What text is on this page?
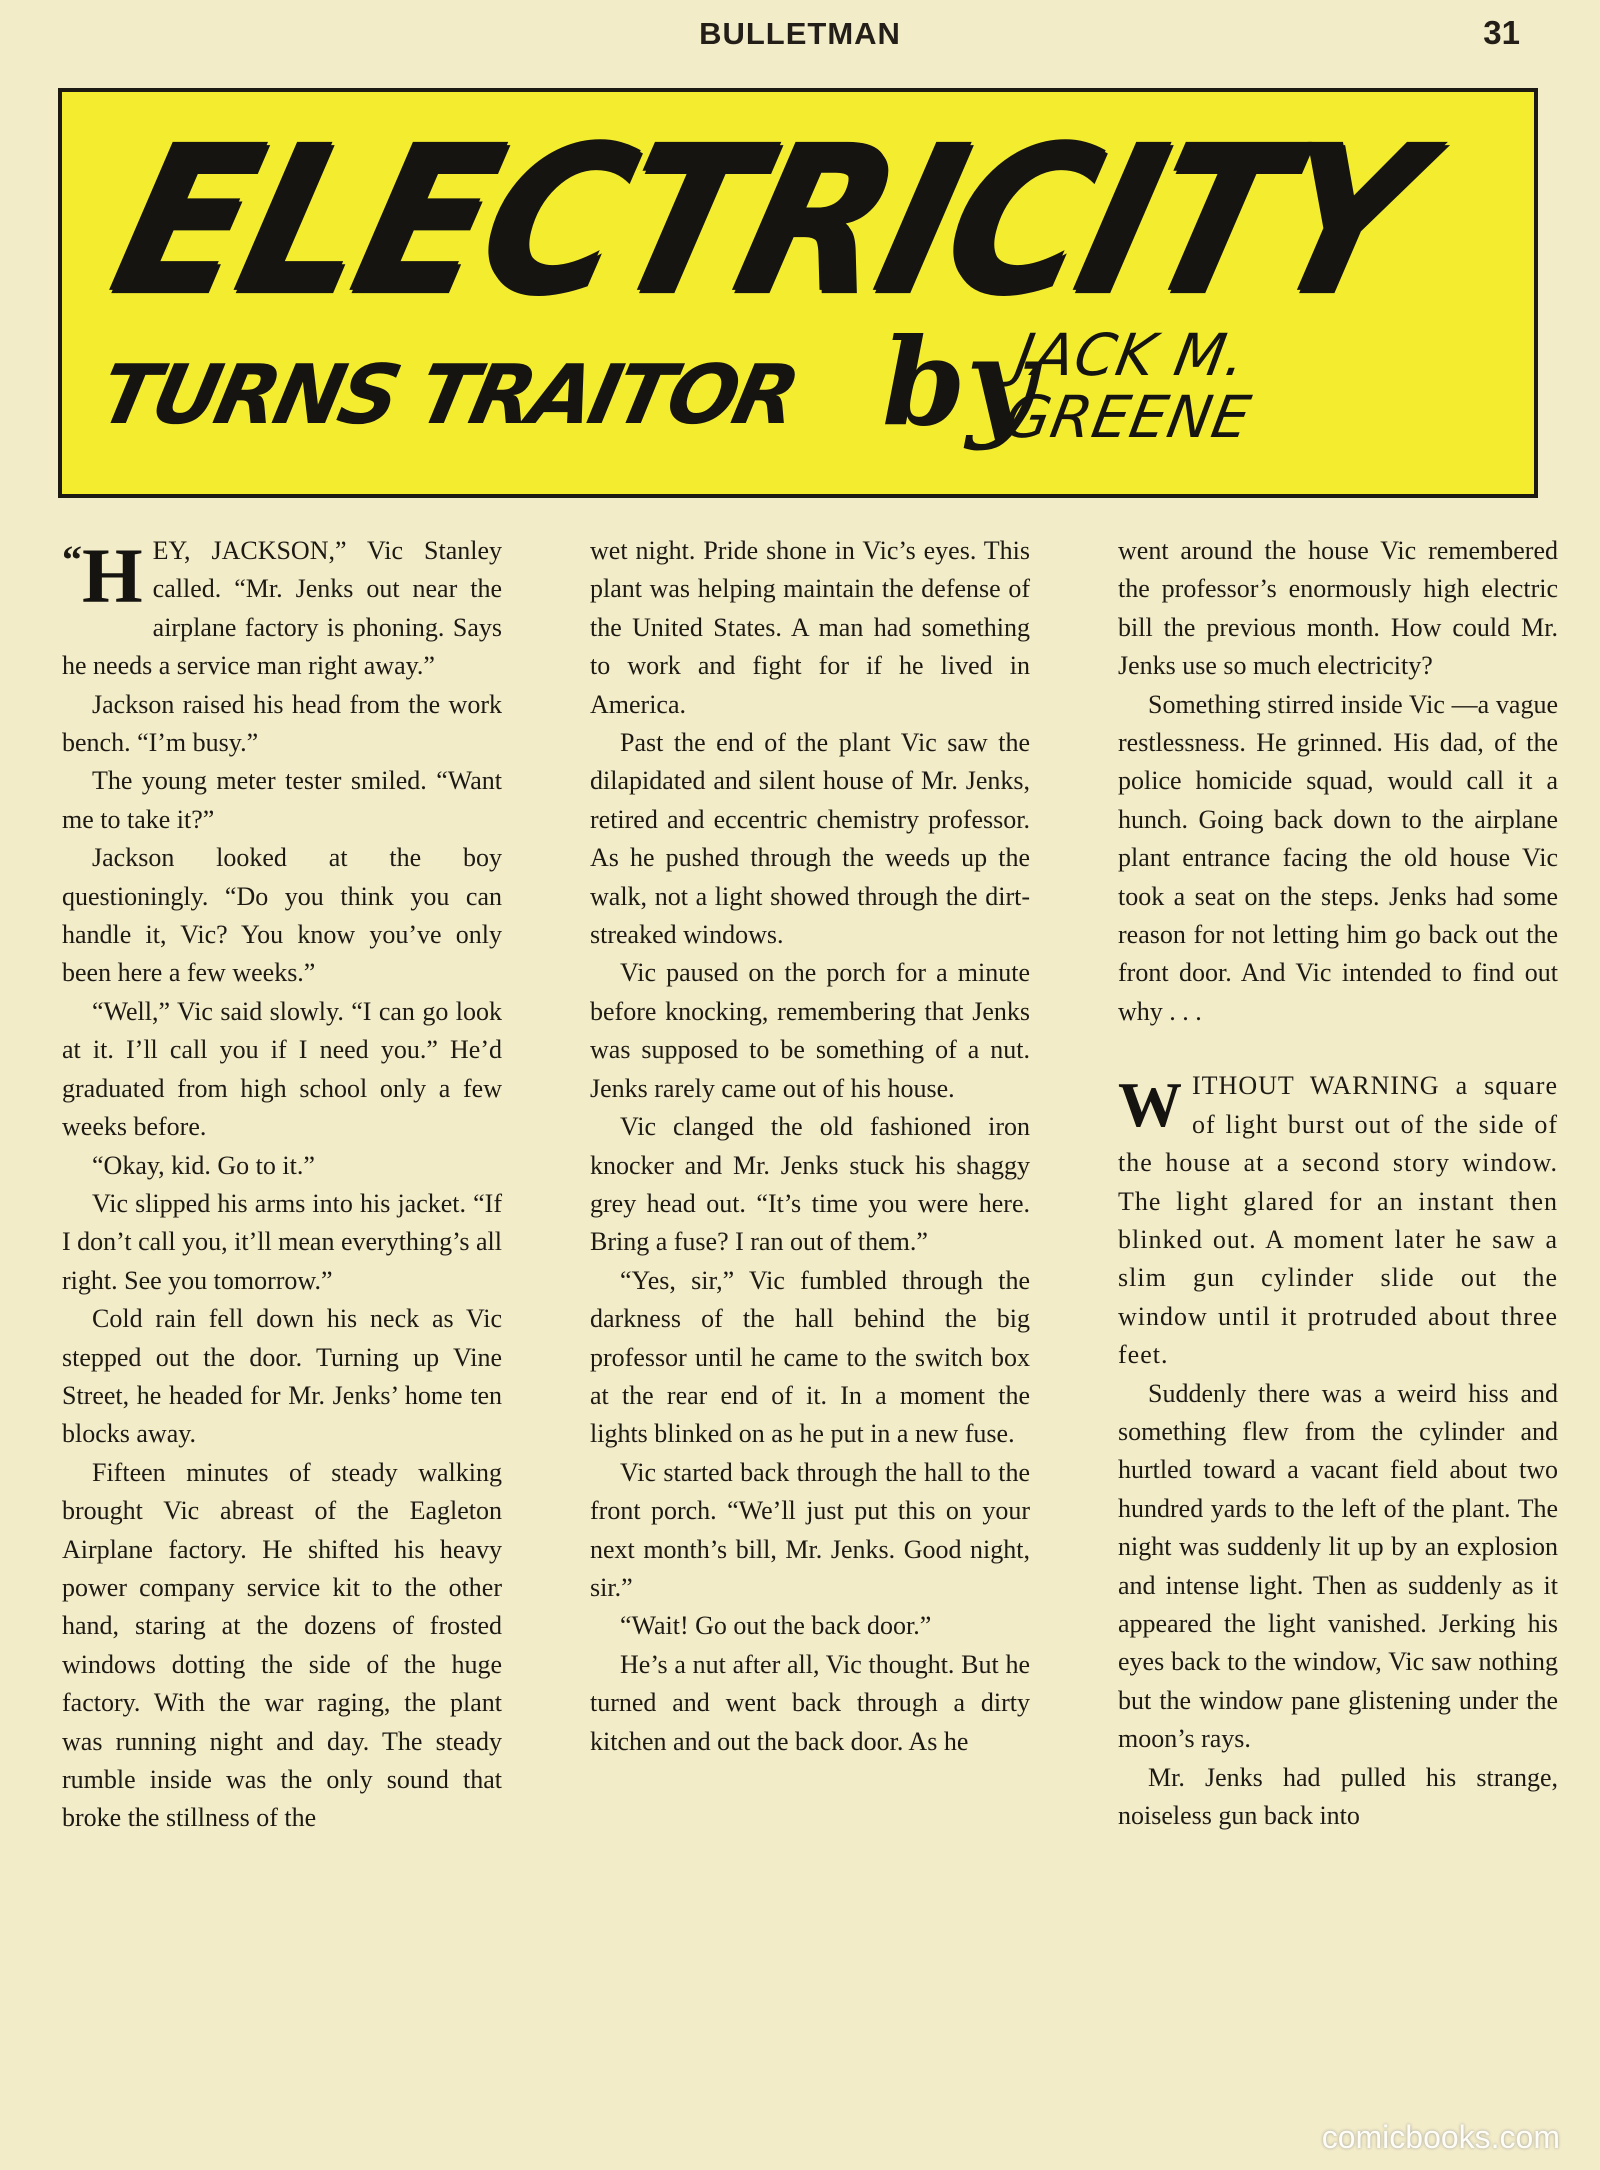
BULLETMAN	31
ELECTRICITY
TURNS TRAITOR by
JACK M.
GREENE

“ H EY, JACKSON,” Vic Stanley called. “Mr. Jenks out near the airplane factory is phoning. Says he needs a service man right away.”

Jackson raised his head from the work bench. “I’m busy.”

The young meter tester smiled. “Want me to take it?”

Jackson looked at the boy questioningly. “Do you think you can handle it, Vic? You know you’ve only been here a few weeks.”

“Well,” Vic said slowly. “I can go look at it. I’ll call you if I need you.” He’d graduated from high school only a few weeks before.

“Okay, kid. Go to it.”

Vic slipped his arms into his jacket. “If I don’t call you, it’ll mean everything’s all right. See you tomorrow.”

Cold rain fell down his neck as Vic stepped out the door. Turning up Vine Street, he headed for Mr. Jenks’ home ten blocks away.

Fifteen minutes of steady walking brought Vic abreast of the Eagleton Airplane factory. He shifted his heavy power company service kit to the other hand, staring at the dozens of frosted windows dotting the side of the huge factory. With the war raging, the plant was running night and day. The steady rumble inside was the only sound that broke the stillness of the

wet night. Pride shone in Vic’s eyes. This plant was helping maintain the defense of the United States. A man had something to work and fight for if he lived in America.

Past the end of the plant Vic saw the dilapidated and silent house of Mr. Jenks, retired and eccentric chemistry professor. As he pushed through the weeds up the walk, not a light showed through the dirt-streaked windows.

Vic paused on the porch for a minute before knocking, remembering that Jenks was supposed to be something of a nut. Jenks rarely came out of his house.

Vic clanged the old fashioned iron knocker and Mr. Jenks stuck his shaggy grey head out. “It’s time you were here. Bring a fuse? I ran out of them.”

“Yes, sir,” Vic fumbled through the darkness of the hall behind the big professor until he came to the switch box at the rear end of it. In a moment the lights blinked on as he put in a new fuse.

Vic started back through the hall to the front porch. “We’ll just put this on your next month’s bill, Mr. Jenks. Good night, sir.”

“Wait! Go out the back door.”

He’s a nut after all, Vic thought. But he turned and went back through a dirty kitchen and out the back door. As he

went around the house Vic remembered the professor’s enormously high electric bill the previous month. How could Mr. Jenks use so much electricity?

Something stirred inside Vic —a vague restlessness. He grinned. His dad, of the police homicide squad, would call it a hunch. Going back down to the airplane plant entrance facing the old house Vic took a seat on the steps. Jenks had some reason for not letting him go back out the front door. And Vic intended to find out why . . .

WITHOUT WARNING a square of light burst out of the side of the house at a second story window. The light glared for an instant then blinked out. A moment later he saw a slim gun cylinder slide out the window until it protruded about three feet.

Suddenly there was a weird hiss and something flew from the cylinder and hurtled toward a vacant field about two hundred yards to the left of the plant. The night was suddenly lit up by an explosion and intense light. Then as suddenly as it appeared the light vanished. Jerking his eyes back to the window, Vic saw nothing but the window pane glistening under the moon’s rays.

Mr. Jenks had pulled his strange, noiseless gun back into

comicbooks.com
